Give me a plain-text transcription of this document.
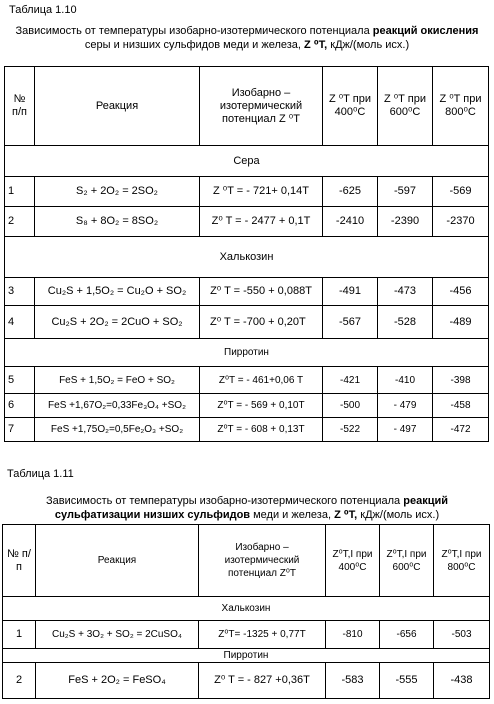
Таблица 1.10
Зависимость от температуры изобарно-изотермического потенциала реакций окисления
серы и низших сульфидов меди и железа, Z ⁰T, кДж/(моль исх.)
№ п/п	Реакция	Изобарно – изотермический потенциал Z ⁰T	Z ⁰T при 400⁰С	Z ⁰T при 600⁰С	Z ⁰T при 800⁰С
Сера					
1	S₂ + 2O₂ = 2SO₂	Z ⁰T = - 721+ 0,14T	-625	-597	-569
2	S₈ + 8O₂ = 8SO₂	Z⁰ T = - 2477 + 0,1T	-2410	-2390	-2370
Халькозин					
3	Cu₂S + 1,5O₂ = Cu₂O + SO₂	Z⁰ T = -550 + 0,088T	-491	-473	-456
4	Cu₂S + 2O₂ = 2CuO + SO₂	Z⁰ T = -700 + 0,20T	-567	-528	-489
Пирротин					
5	FeS + 1,5O₂ = FeO + SO₂	Z⁰T = - 461+0,06 T	-421	-410	-398
6	FeS +1,67O₂=0,33Fe₃O₄ +SO₂	Z⁰T = - 569 + 0,10T	-500	- 479	-458
7	FeS +1,75O₂=0,5Fe₂O₃ +SO₂	Z⁰T = - 608 + 0,13T	-522	- 497	-472
Таблица 1.11
Зависимость от температуры изобарно-изотермического потенциала реакций
сульфатизации низших сульфидов меди и железа, Z ⁰T, кДж/(моль исх.)
№ п/п	Реакция	Изобарно – изотермический потенциал Z⁰T	Z⁰T,I при 400⁰С	Z⁰T,I при 600⁰С	Z⁰T,I при 800⁰С
Халькозин					
1	Cu₂S + 3O₂ + SO₂ = 2CuSO₄	Z⁰T= -1325 + 0,77T	-810	-656	-503
Пирротин					
2	FeS + 2O₂ = FeSO₄	Z⁰ T = - 827 +0,36T	-583	-555	-438
